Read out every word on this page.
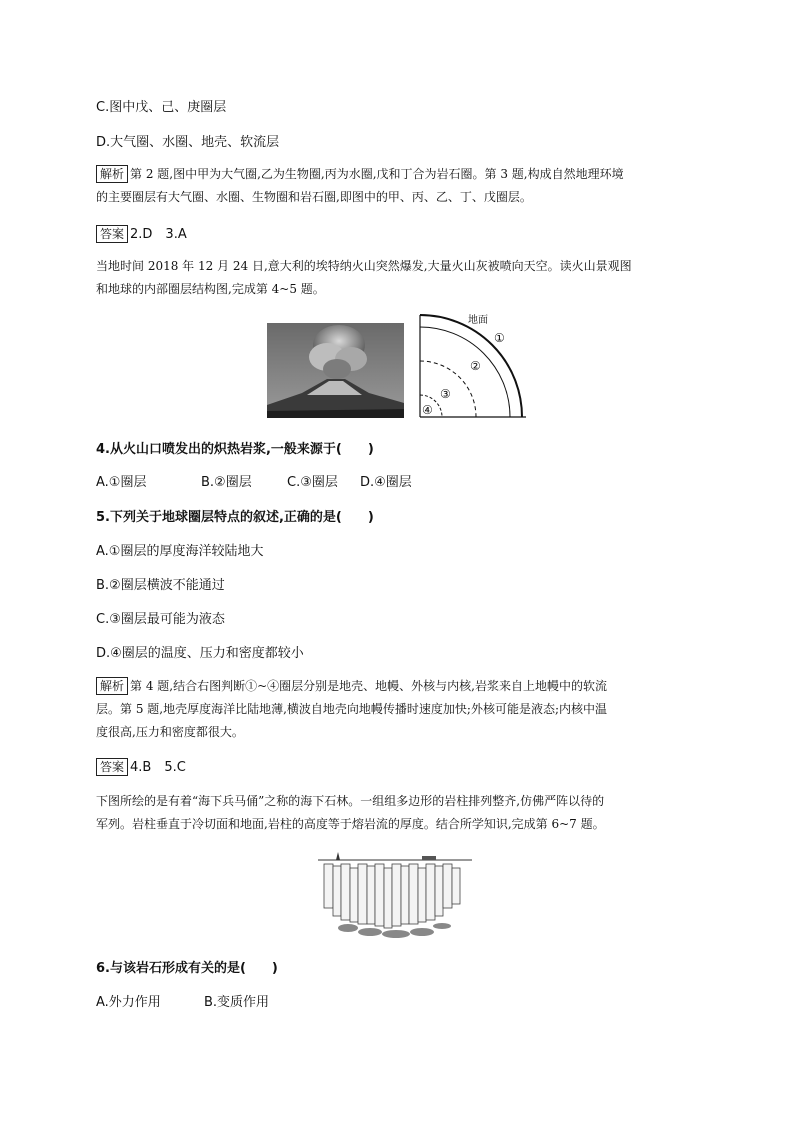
C.图中戊、己、庚圈层
D.大气圈、水圈、地壳、软流层
解析 第 2 题,图中甲为大气圈,乙为生物圈,丙为水圈,戊和丁合为岩石圈。第 3 题,构成自然地理环境
的主要圈层有大气圈、水圈、生物圈和岩石圈,即图中的甲、丙、乙、丁、戊圈层。
答案 2.D　3.A
当地时间 2018 年 12 月 24 日,意大利的埃特纳火山突然爆发,大量火山灰被喷向天空。读火山景观图
和地球的内部圈层结构图,完成第 4~5 题。
地面
①
②
③
④
4.从火山口喷发出的炽热岩浆,一般来源于(　　)
A.①圈层	B.②圈层	C.③圈层 D.④圈层
5.下列关于地球圈层特点的叙述,正确的是(　　)
A.①圈层的厚度海洋较陆地大
B.②圈层横波不能通过
C.③圈层最可能为液态
D.④圈层的温度、压力和密度都较小
解析 第 4 题,结合右图判断①~④圈层分别是地壳、地幔、外核与内核,岩浆来自上地幔中的软流
层。第 5 题,地壳厚度海洋比陆地薄,横波自地壳向地幔传播时速度加快;外核可能是液态;内核中温
度很高,压力和密度都很大。
答案 4.B　5.C
下图所绘的是有着“海下兵马俑”之称的海下石林。一组组多边形的岩柱排列整齐,仿佛严阵以待的
军列。岩柱垂直于冷切面和地面,岩柱的高度等于熔岩流的厚度。结合所学知识,完成第 6~7 题。
6.与该岩石形成有关的是(　　)
A.外力作用	B.变质作用
